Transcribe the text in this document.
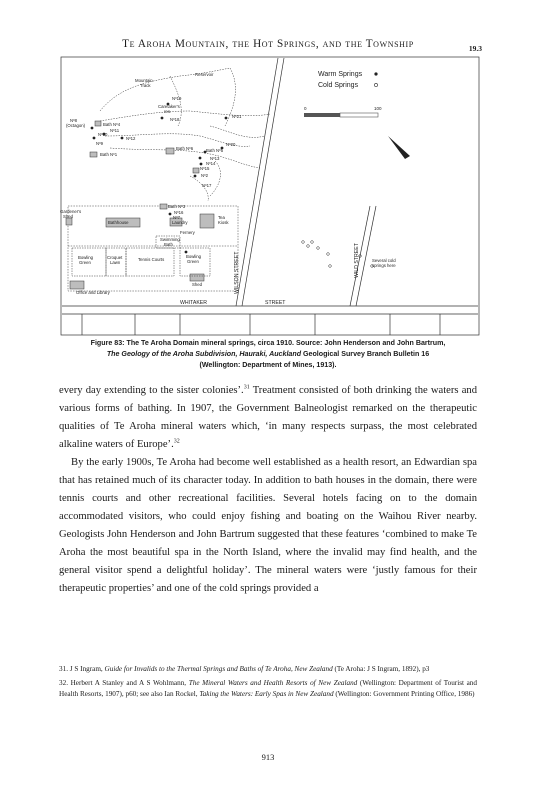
Te Aroha Mountain, the Hot Springs, and the Township	19.3
Warm Springs
Cold Springs
0	100
Mountain
Track
Reservoir
Caretaker's
res.
Nº19
Nº18
Nº8
(Octagon)	Bath Nº4
Nº11
Nº10
Nº12
Nº9
Bath Nº1
Nº21
Nº20
Bath Nº6	Bath Nº5
Nº13
Nº14
Nº15
Nº2
Nº17
Bath Nº3
Nº16
Nº7
Laundry
Tea
Kiosk
Gardener's
Shed
Bathhouse
Fernery
Swimming
Bath
Bowling
Green
Croquet
Lawn
Tennis Courts
Bowling
Green
Shed
Office and Library
Several cold
springs here
WILSON STREET	WILD STREET
WHITAKER	STREET
Figure 83: The Te Aroha Domain mineral springs, circa 1910. Source: John Henderson and John Bartrum,
The Geology of the Aroha Subdivision, Hauraki, Auckland Geological Survey Branch Bulletin 16
(Wellington: Department of Mines, 1913).

every day extending to the sister colonies’.$^{31}$ Treatment consisted of both drinking the waters and various forms of bathing. In 1907, the Government Balneologist remarked on the therapeutic qualities of Te Aroha mineral waters which, ‘in many respects surpass, the most celebrated alkaline waters of Europe’.$^{32}$

By the early 1900s, Te Aroha had become well established as a health resort, an Edwardian spa that has retained much of its character today. In addition to bath houses in the domain, there were tennis courts and other recreational facilities. Several hotels facing on to the domain accommodated visitors, who could enjoy fishing and boating on the Waihou River nearby. Geologists John Henderson and John Bartrum suggested that these features ‘combined to make Te Aroha the most beautiful spa in the North Island, where the invalid may find health, and the general visitor spend a delightful holiday’. The mineral waters were ‘justly famous for their therapeutic properties’ and one of the cold springs provided a

31. J S Ingram, Guide for Invalids to the Thermal Springs and Baths of Te Aroha, New Zealand (Te Aroha: J S Ingram, 1892), p3

32. Herbert A Stanley and A S Wohlmann, The Mineral Waters and Health Resorts of New Zealand (Wellington: Department of Tourist and Health Resorts, 1907), p60; see also Ian Rockel, Taking the Waters: Early Spas in New Zealand (Wellington: Government Printing Office, 1986)

913
